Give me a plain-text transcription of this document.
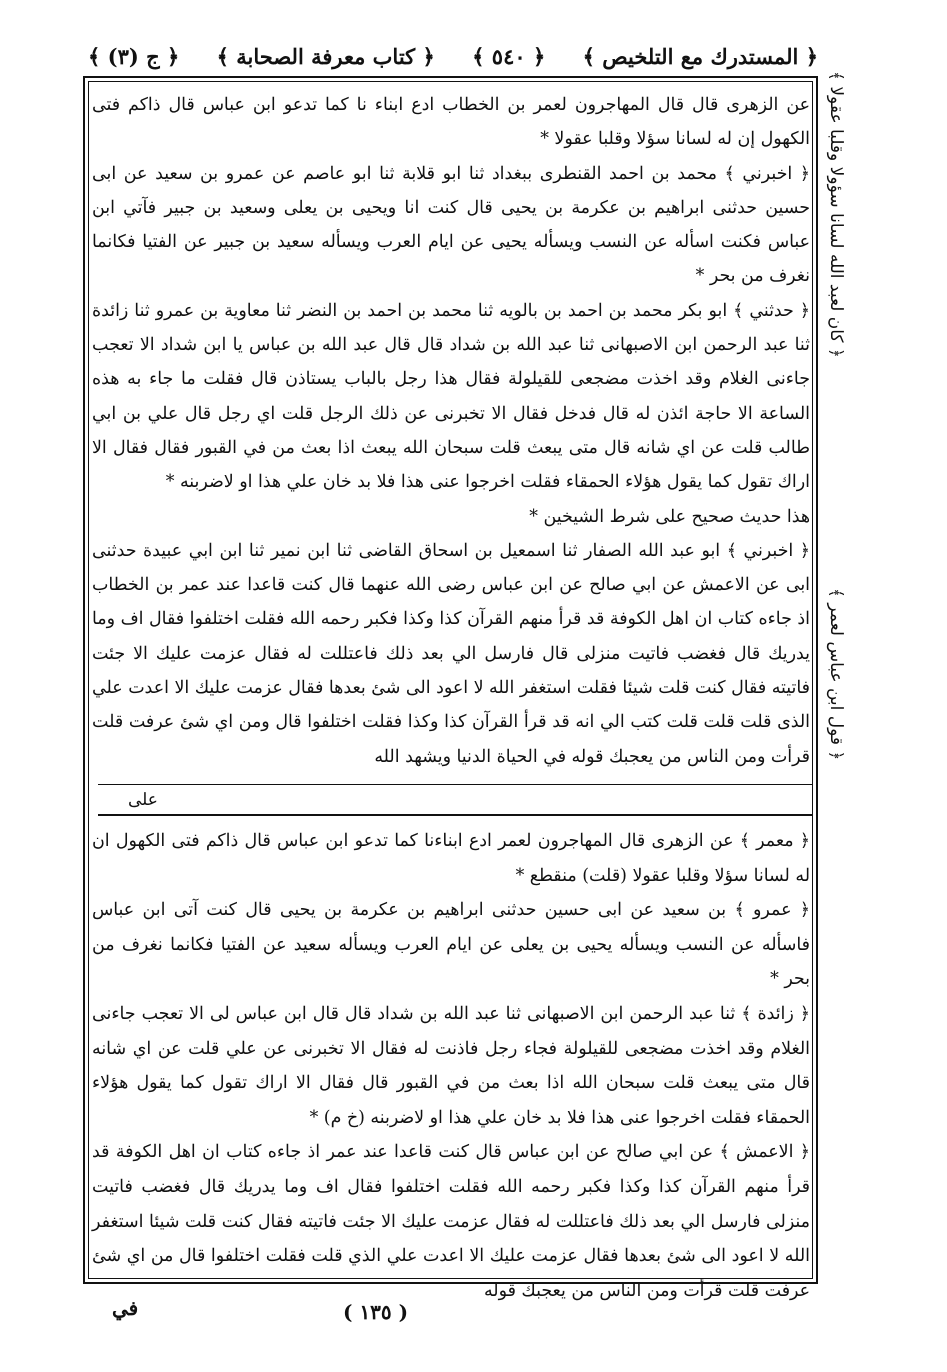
﴿ المستدرك مع التلخيص ﴾
﴿ ٥٤٠ ﴾
﴿ كتاب معرفة الصحابة ﴾
﴿ ج (٣) ﴾
﴿ كان لعبد الله لسانا سؤولا وقلبا عقولا ﴾
﴿ قول ابن عباس لعمر ﴾

عن الزهرى قال قال المهاجرون لعمر بن الخطاب ادع ابناء نا كما تدعو ابن عباس قال ذاكم فتى الكهول إن له لسانا سؤلا وقلبا عقولا *

﴿ اخبرني ﴾ محمد بن احمد القنطرى ببغداد ثنا ابو قلابة ثنا ابو عاصم عن عمرو بن سعيد عن ابى حسين حدثنى ابراهيم بن عكرمة بن يحيى قال كنت انا ويحيى بن يعلى وسعيد بن جبير فآتي ابن عباس فكنت اسأله عن النسب ويسأله يحيى عن ايام العرب ويسأله سعيد بن جبير عن الفتيا فكانما نغرف من بحر *

﴿ حدثني ﴾ ابو بكر محمد بن احمد بن بالويه ثنا محمد بن احمد بن النضر ثنا معاوية بن عمرو ثنا زائدة ثنا عبد الرحمن ابن الاصبهانى ثنا عبد الله بن شداد قال قال عبد الله بن عباس يا ابن شداد الا تعجب جاءنى الغلام وقد اخذت مضجعى للقيلولة فقال هذا رجل بالباب يستاذن قال فقلت ما جاء به هذه الساعة الا حاجة ائذن له قال فدخل فقال الا تخبرنى عن ذلك الرجل قلت اي رجل قال علي بن ابي طالب قلت عن اي شانه قال متى يبعث قلت سبحان الله يبعث اذا بعث من في القبور فقال فقال الا اراك تقول كما يقول هؤلاء الحمقاء فقلت اخرجوا عنى هذا فلا بد خان علي هذا او لاضربنه *

هذا حديث صحيح على شرط الشيخين *

﴿ اخبرني ﴾ ابو عبد الله الصفار ثنا اسمعيل بن اسحاق القاضى ثنا ابن نمير ثنا ابن ابي عبيدة حدثنى ابى عن الاعمش عن ابي صالح عن ابن عباس رضى الله عنهما قال كنت قاعدا عند عمر بن الخطاب اذ جاءه كتاب ان اهل الكوفة قد قرأ منهم القرآن كذا وكذا فكبر رحمه الله فقلت اختلفوا فقال اف وما يدريك قال فغضب فاتيت منزلى قال فارسل الي بعد ذلك فاعتللت له فقال عزمت عليك الا جئت فاتيته فقال كنت قلت شيئا فقلت استغفر الله لا اعود الى شئ بعدها فقال عزمت عليك الا اعدت علي الذى قلت قلت قلت كتب الي انه قد قرأ القرآن كذا وكذا فقلت اختلفوا قال ومن اي شئ عرفت قلت قرأت ومن الناس من يعجبك قوله في الحياة الدنيا ويشهد الله

على

﴿ معمر ﴾ عن الزهرى قال المهاجرون لعمر ادع ابناءنا كما تدعو ابن عباس قال ذاكم فتى الكهول ان له لسانا سؤلا وقلبا عقولا (قلت) منقطع *

﴿ عمرو ﴾ بن سعيد عن ابى حسين حدثنى ابراهيم بن عكرمة بن يحيى قال كنت آتى ابن عباس فاسأله عن النسب ويسأله يحيى بن يعلى عن ايام العرب ويسأله سعيد عن الفتيا فكانما نغرف من بحر *

﴿ زائدة ﴾ ثنا عبد الرحمن ابن الاصبهانى ثنا عبد الله بن شداد قال قال ابن عباس لى الا تعجب جاءنى الغلام وقد اخذت مضجعى للقيلولة فجاء رجل فاذنت له فقال الا تخبرنى عن علي قلت عن اي شانه قال متى يبعث قلت سبحان الله اذا بعث من في القبور قال فقال الا اراك تقول كما يقول هؤلاء الحمقاء فقلت اخرجوا عنى هذا فلا بد خان علي هذا او لاضربنه (خ م) *

﴿ الاعمش ﴾ عن ابي صالح عن ابن عباس قال كنت قاعدا عند عمر اذ جاءه كتاب ان اهل الكوفة قد قرأ منهم القرآن كذا وكذا فكبر رحمه الله فقلت اختلفوا فقال اف وما يدريك قال فغضب فاتيت منزلى فارسل الي بعد ذلك فاعتللت له فقال عزمت عليك الا جئت فاتيته فقال كنت قلت شيئا استغفر الله لا اعود الى شئ بعدها فقال عزمت عليك الا اعدت علي الذي قلت فقلت اختلفوا قال من اي شئ عرفت قلت قرأت ومن الناس من يعجبك قوله

( ١٣٥ )
في
